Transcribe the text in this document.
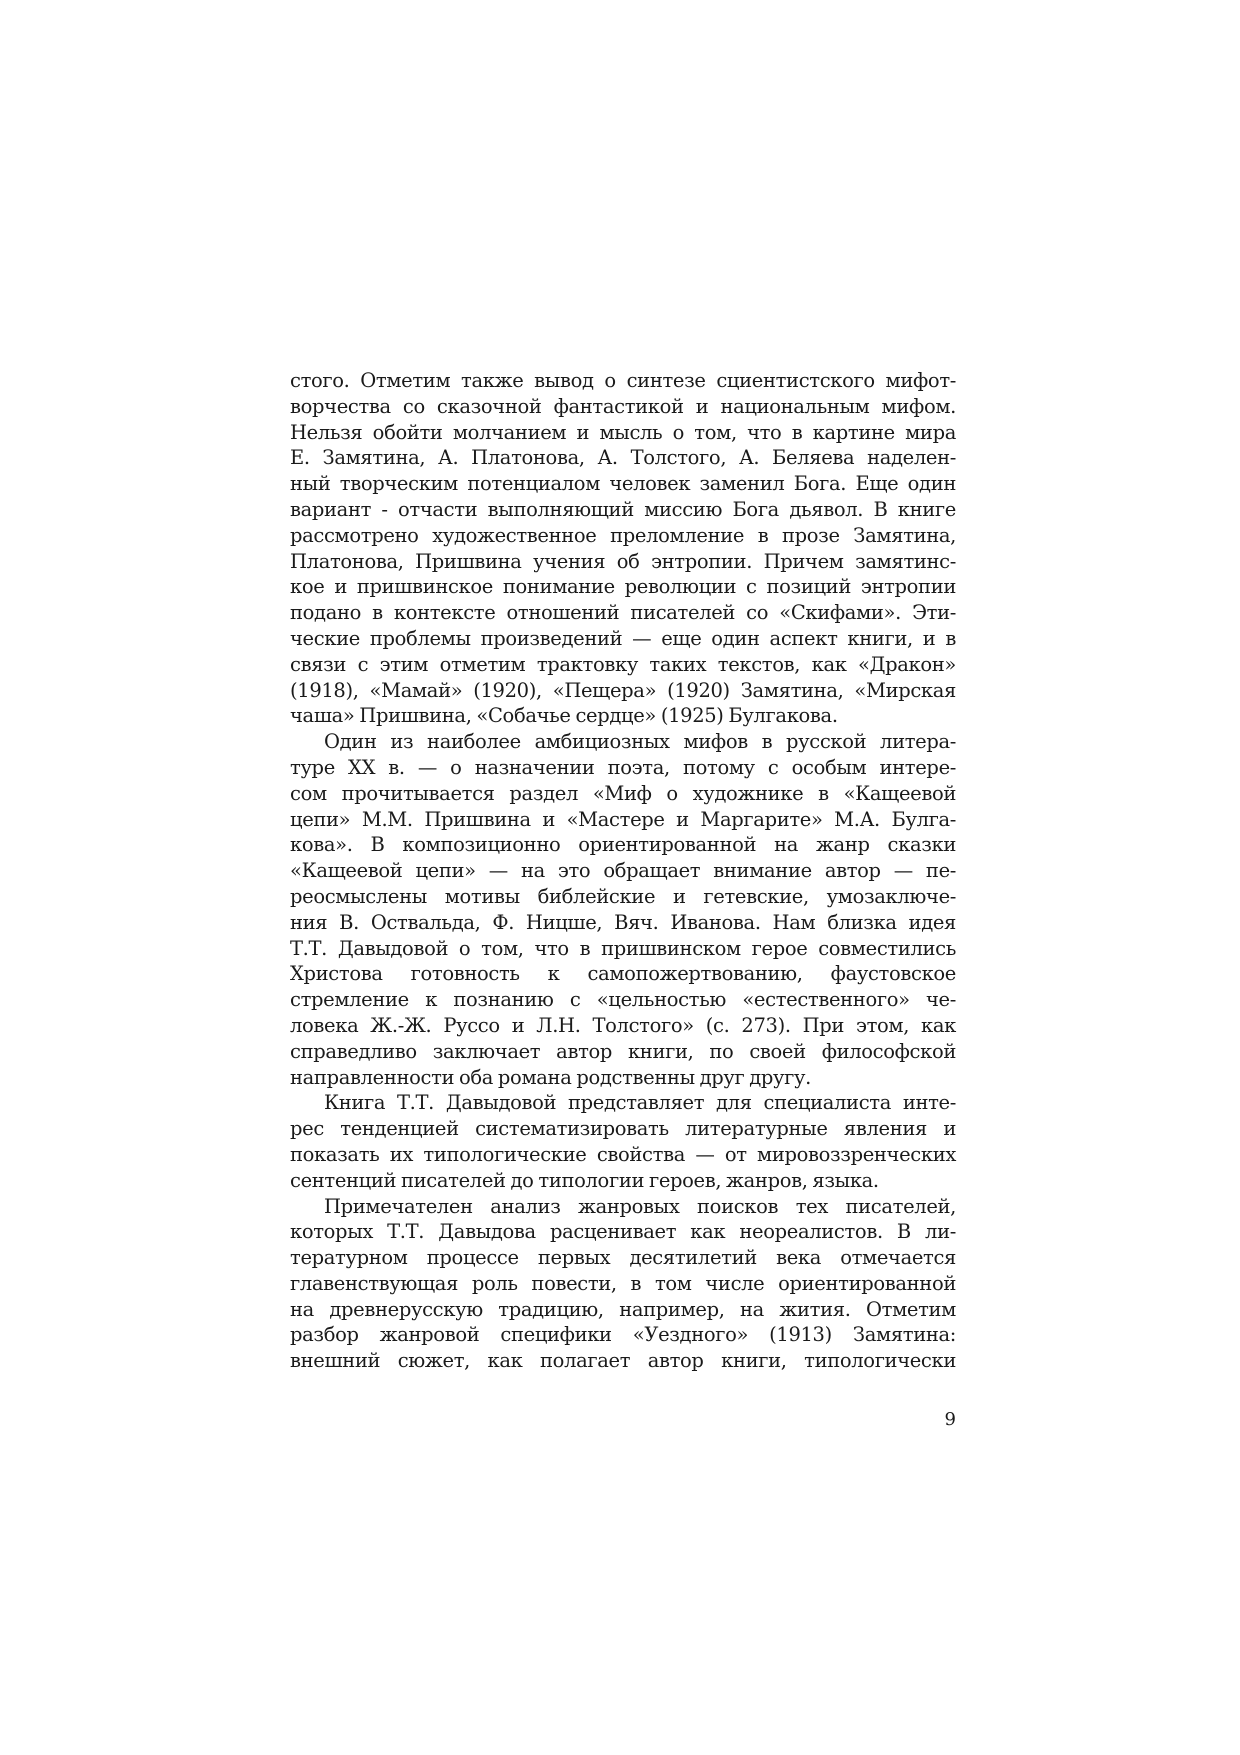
стого. Отметим также вывод о синтезе сциентистского мифот-
ворчества со сказочной фантастикой и национальным мифом.
Нельзя обойти молчанием и мысль о том, что в картине мира
Е. Замятина, А. Платонова, А. Толстого, А. Беляева наделен-
ный творческим потенциалом человек заменил Бога. Еще один
вариант - отчасти выполняющий миссию Бога дьявол. В книге
рассмотрено художественное преломление в прозе Замятина,
Платонова, Пришвина учения об энтропии. Причем замятинс-
кое и пришвинское понимание революции с позиций энтропии
подано в контексте отношений писателей со «Скифами». Эти-
ческие проблемы произведений — еще один аспект книги, и в
связи с этим отметим трактовку таких текстов, как «Дракон»
(1918), «Мамай» (1920), «Пещера» (1920) Замятина, «Мирская
чаша» Пришвина, «Собачье сердце» (1925) Булгакова.
Один из наиболее амбициозных мифов в русской литера-
туре ХХ в. — о назначении поэта, потому с особым интере-
сом прочитывается раздел «Миф о художнике в «Кащеевой
цепи» М.М. Пришвина и «Мастере и Маргарите» М.А. Булга-
кова». В композиционно ориентированной на жанр сказки
«Кащеевой цепи» — на это обращает внимание автор — пе-
реосмыслены мотивы библейские и гетевские, умозаключе-
ния В. Оствальда, Ф. Ницше, Вяч. Иванова. Нам близка идея
Т.Т. Давыдовой о том, что в пришвинском герое совместились
Христова готовность к самопожертвованию, фаустовское
стремление к познанию с «цельностью «естественного» че-
ловека Ж.-Ж. Руссо и Л.Н. Толстого» (с. 273). При этом, как
справедливо заключает автор книги, по своей философской
направленности оба романа родственны друг другу.
Книга Т.Т. Давыдовой представляет для специалиста инте-
рес тенденцией систематизировать литературные явления и
показать их типологические свойства — от мировоззренческих
сентенций писателей до типологии героев, жанров, языка.
Примечателен анализ жанровых поисков тех писателей,
которых Т.Т. Давыдова расценивает как неореалистов. В ли-
тературном процессе первых десятилетий века отмечается
главенствующая роль повести, в том числе ориентированной
на древнерусскую традицию, например, на жития. Отметим
разбор жанровой специфики «Уездного» (1913) Замятина:
внешний сюжет, как полагает автор книги, типологически
9
